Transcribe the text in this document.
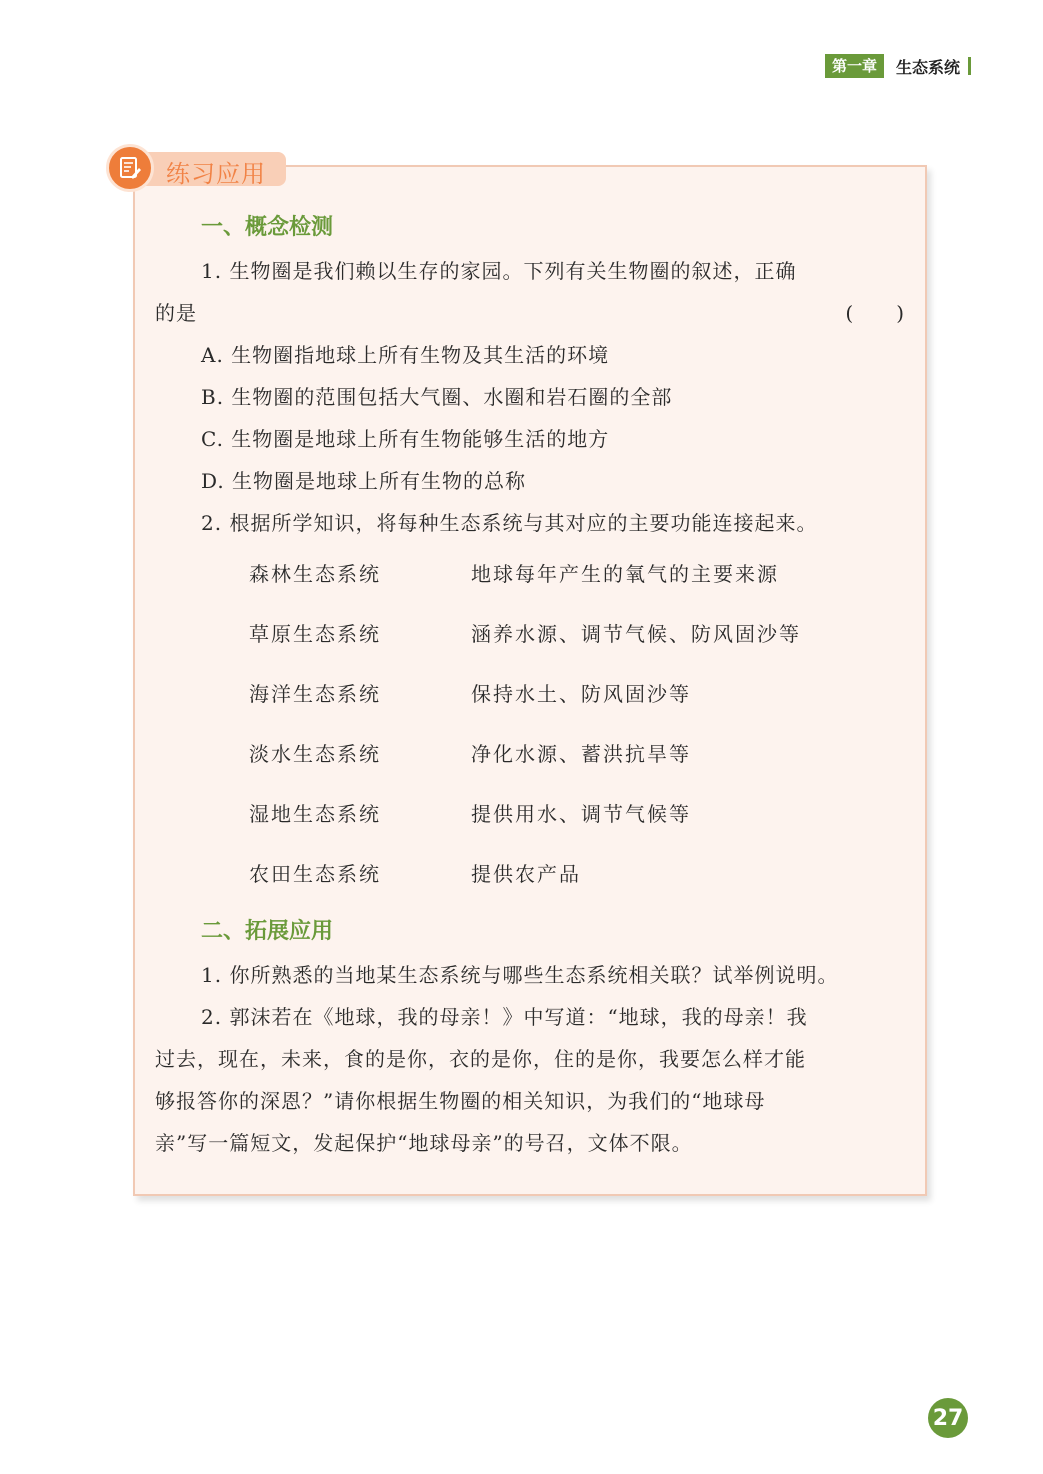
第一章	生态系统
练习应用
一、概念检测
1. 生物圈是我们赖以生存的家园。下列有关生物圈的叙述，正确
的是	(　　)
A. 生物圈指地球上所有生物及其生活的环境
B. 生物圈的范围包括大气圈、水圈和岩石圈的全部
C. 生物圈是地球上所有生物能够生活的地方
D. 生物圈是地球上所有生物的总称
2. 根据所学知识，将每种生态系统与其对应的主要功能连接起来。
森林生态系统	地球每年产生的氧气的主要来源
草原生态系统	涵养水源、调节气候、防风固沙等
海洋生态系统	保持水土、防风固沙等
淡水生态系统	净化水源、蓄洪抗旱等
湿地生态系统	提供用水、调节气候等
农田生态系统	提供农产品
二、拓展应用
1. 你所熟悉的当地某生态系统与哪些生态系统相关联？试举例说明。
2. 郭沫若在《地球，我的母亲！》中写道：“地球，我的母亲！我
过去，现在，未来，食的是你，衣的是你，住的是你，我要怎么样才能
够报答你的深恩？”请你根据生物圈的相关知识，为我们的“地球母
亲”写一篇短文，发起保护“地球母亲”的号召，文体不限。
27
